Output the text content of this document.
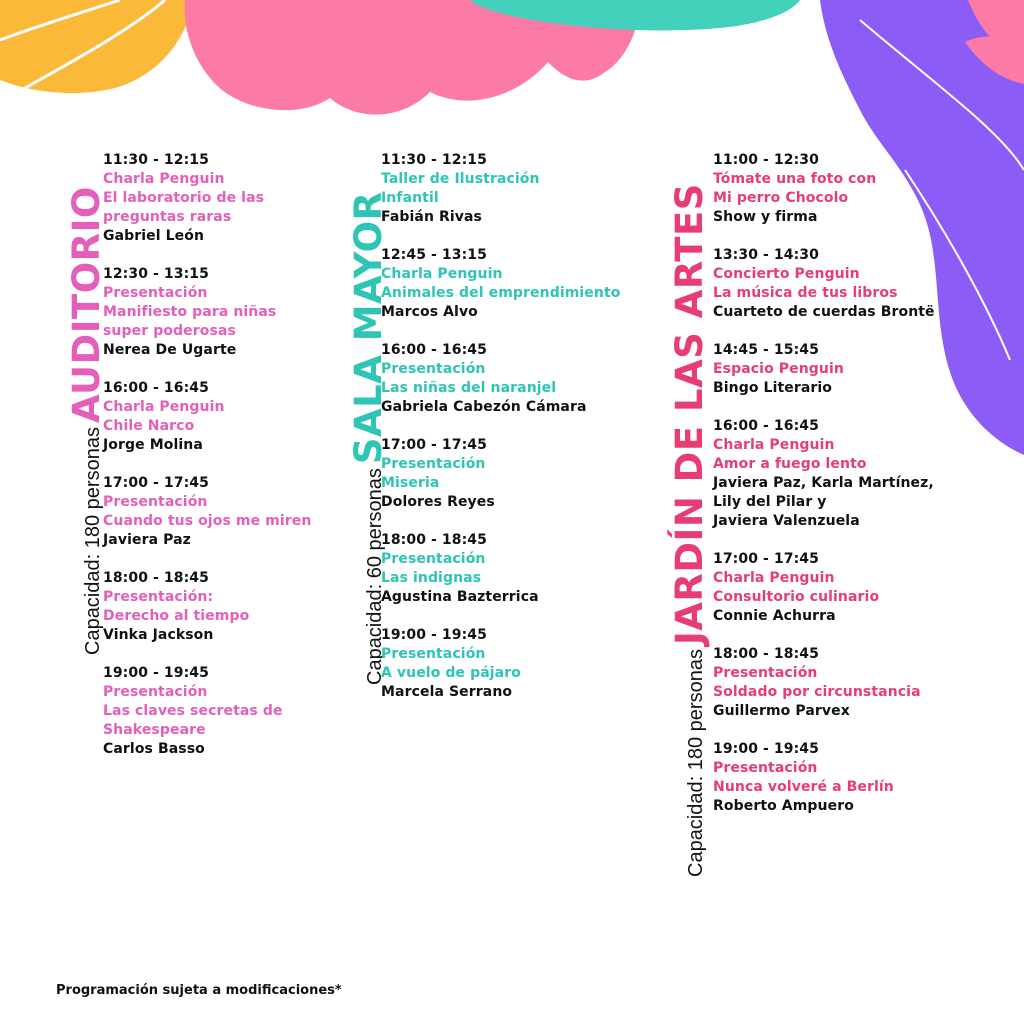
Capacidad: 180 personas
AUDITORIO
Capacidad: 60 personas
SALA MAYOR
Capacidad: 180 personas
JARDÍN DE LAS ARTES
11:30 - 12:15
Charla Penguin
El laboratorio de las
preguntas raras
Gabriel León
12:30 - 13:15
Presentación
Manifiesto para niñas
super poderosas
Nerea De Ugarte
16:00 - 16:45
Charla Penguin
Chile Narco
Jorge Molina
17:00 - 17:45
Presentación
Cuando tus ojos me miren
Javiera Paz
18:00 - 18:45
Presentación:
Derecho al tiempo
Vinka Jackson
19:00 - 19:45
Presentación
Las claves secretas de
Shakespeare
Carlos Basso
11:30 - 12:15
Taller de Ilustración
Infantil
Fabián Rivas
12:45 - 13:15
Charla Penguin
Animales del emprendimiento
Marcos Alvo
16:00 - 16:45
Presentación
Las niñas del naranjel
Gabriela Cabezón Cámara
17:00 - 17:45
Presentación
Miseria
Dolores Reyes
18:00 - 18:45
Presentación
Las indignas
Agustina Bazterrica
19:00 - 19:45
Presentación
A vuelo de pájaro
Marcela Serrano
11:00 - 12:30
Tómate una foto con
Mi perro Chocolo
Show y firma
13:30 - 14:30
Concierto Penguin
La música de tus libros
Cuarteto de cuerdas Brontë
14:45 - 15:45
Espacio Penguin
Bingo Literario
16:00 - 16:45
Charla Penguin
Amor a fuego lento
Javiera Paz, Karla Martínez,
Lily del Pilar y
Javiera Valenzuela
17:00 - 17:45
Charla Penguin
Consultorio culinario
Connie Achurra
18:00 - 18:45
Presentación
Soldado por circunstancia
Guillermo Parvex
19:00 - 19:45
Presentación
Nunca volveré a Berlín
Roberto Ampuero
Programación sujeta a modificaciones*
